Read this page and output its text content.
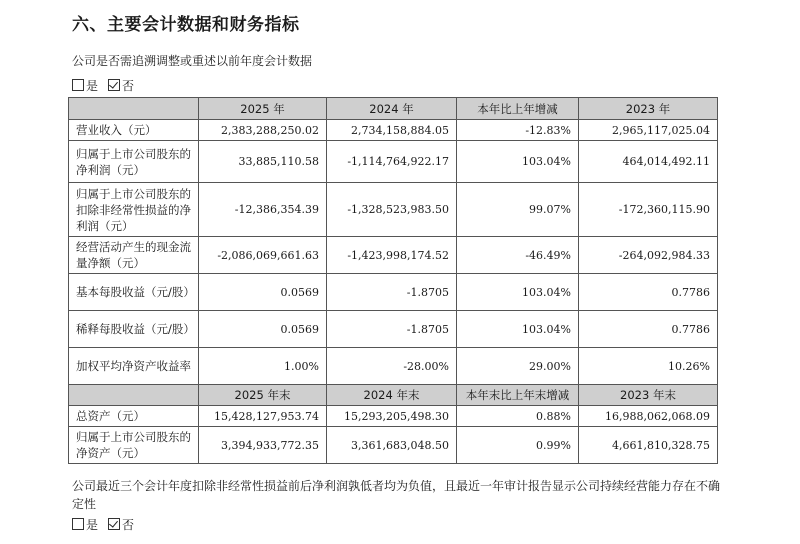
六、主要会计数据和财务指标
公司是否需追溯调整或重述以前年度会计数据
是 否
	2025 年	2024 年	本年比上年增减	2023 年
营业收入（元）	2,383,288,250.02	2,734,158,884.05	-12.83%	2,965,117,025.04
归属于上市公司股东的净利润（元）	33,885,110.58	-1,114,764,922.17	103.04%	464,014,492.11
归属于上市公司股东的扣除非经常性损益的净利润（元）	-12,386,354.39	-1,328,523,983.50	99.07%	-172,360,115.90
经营活动产生的现金流量净额（元）	-2,086,069,661.63	-1,423,998,174.52	-46.49%	-264,092,984.33
基本每股收益（元/股）	0.0569	-1.8705	103.04%	0.7786
稀释每股收益（元/股）	0.0569	-1.8705	103.04%	0.7786
加权平均净资产收益率	1.00%	-28.00%	29.00%	10.26%
	2025 年末	2024 年末	本年末比上年末增减	2023 年末
总资产（元）	15,428,127,953.74	15,293,205,498.30	0.88%	16,988,062,068.09
归属于上市公司股东的净资产（元）	3,394,933,772.35	3,361,683,048.50	0.99%	4,661,810,328.75
公司最近三个会计年度扣除非经常性损益前后净利润孰低者均为负值，且最近一年审计报告显示公司持续经营能力存在不确定性
是 否
